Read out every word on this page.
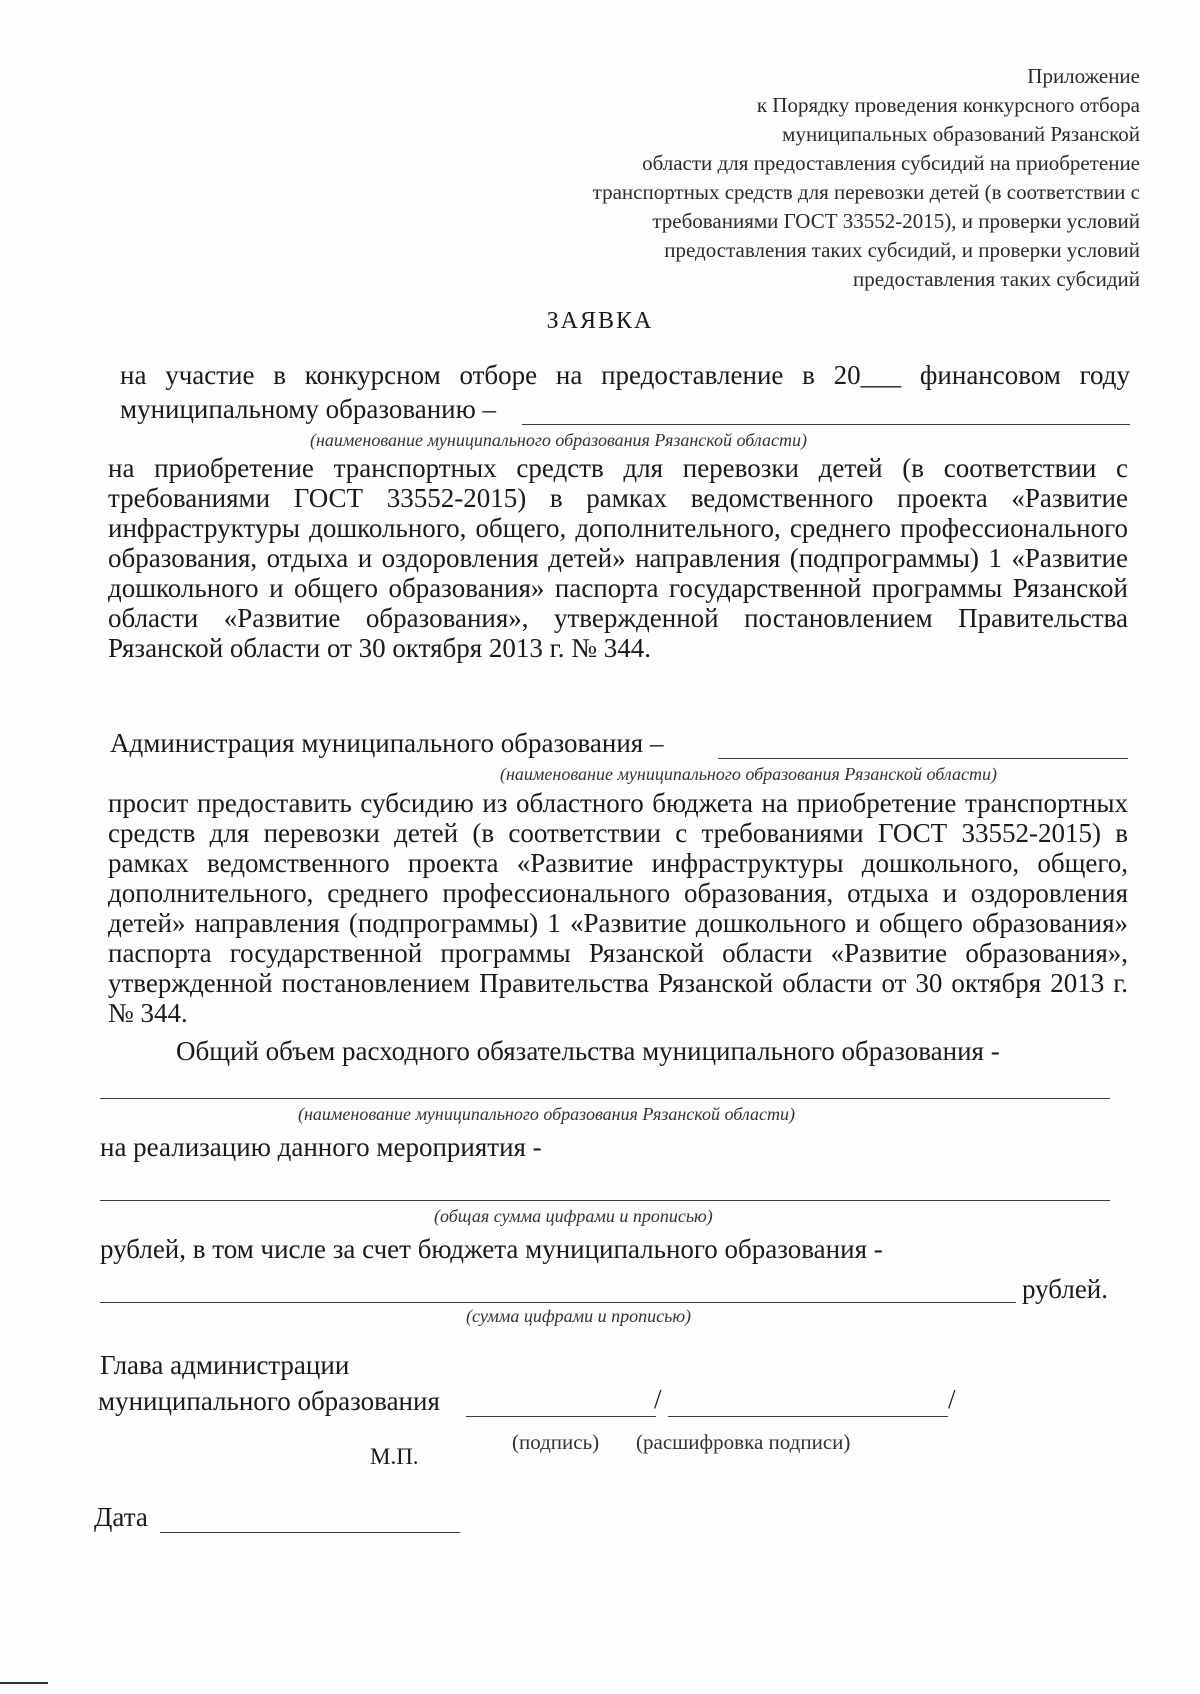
Приложение
к Порядку проведения конкурсного отбора
муниципальных образований Рязанской
области для предоставления субсидий на приобретение
транспортных средств для перевозки детей (в соответствии с
требованиями ГОСТ 33552-2015), и проверки условий
предоставления таких субсидий, и проверки условий
предоставления таких субсидий
ЗАЯВКА
на участие в конкурсном отборе на предоставление в 20___ финансовом году
муниципальному образованию –
(наименование муниципального образования Рязанской области)

на приобретение транспортных средств для перевозки детей (в соответствии с требованиями ГОСТ 33552-2015) в рамках ведомственного проекта «Развитие инфраструктуры дошкольного, общего, дополнительного, среднего профессионального образования, отдыха и оздоровления детей» направления (подпрограммы) 1 «Развитие дошкольного и общего образования» паспорта государственной программы Рязанской области «Развитие образования», утвержденной постановлением Правительства Рязанской области от 30 октября 2013 г. № 344.

Администрация муниципального образования –
(наименование муниципального образования Рязанской области)

просит предоставить субсидию из областного бюджета на приобретение транспортных средств для перевозки детей (в соответствии с требованиями ГОСТ 33552-2015) в рамках ведомственного проекта «Развитие инфраструктуры дошкольного, общего, дополнительного, среднего профессионального образования, отдыха и оздоровления детей» направления (подпрограммы) 1 «Развитие дошкольного и общего образования» паспорта государственной программы Рязанской области «Развитие образования», утвержденной постановлением Правительства Рязанской области от 30 октября 2013 г. № 344.

Общий объем расходного обязательства муниципального образования -
(наименование муниципального образования Рязанской области)
на реализацию данного мероприятия -
(общая сумма цифрами и прописью)
рублей, в том числе за счет бюджета муниципального образования -
рублей.
(сумма цифрами и прописью)
Глава администрации
муниципального образования	/	/
(подпись) (расшифровка подписи)
М.П.
Дата
